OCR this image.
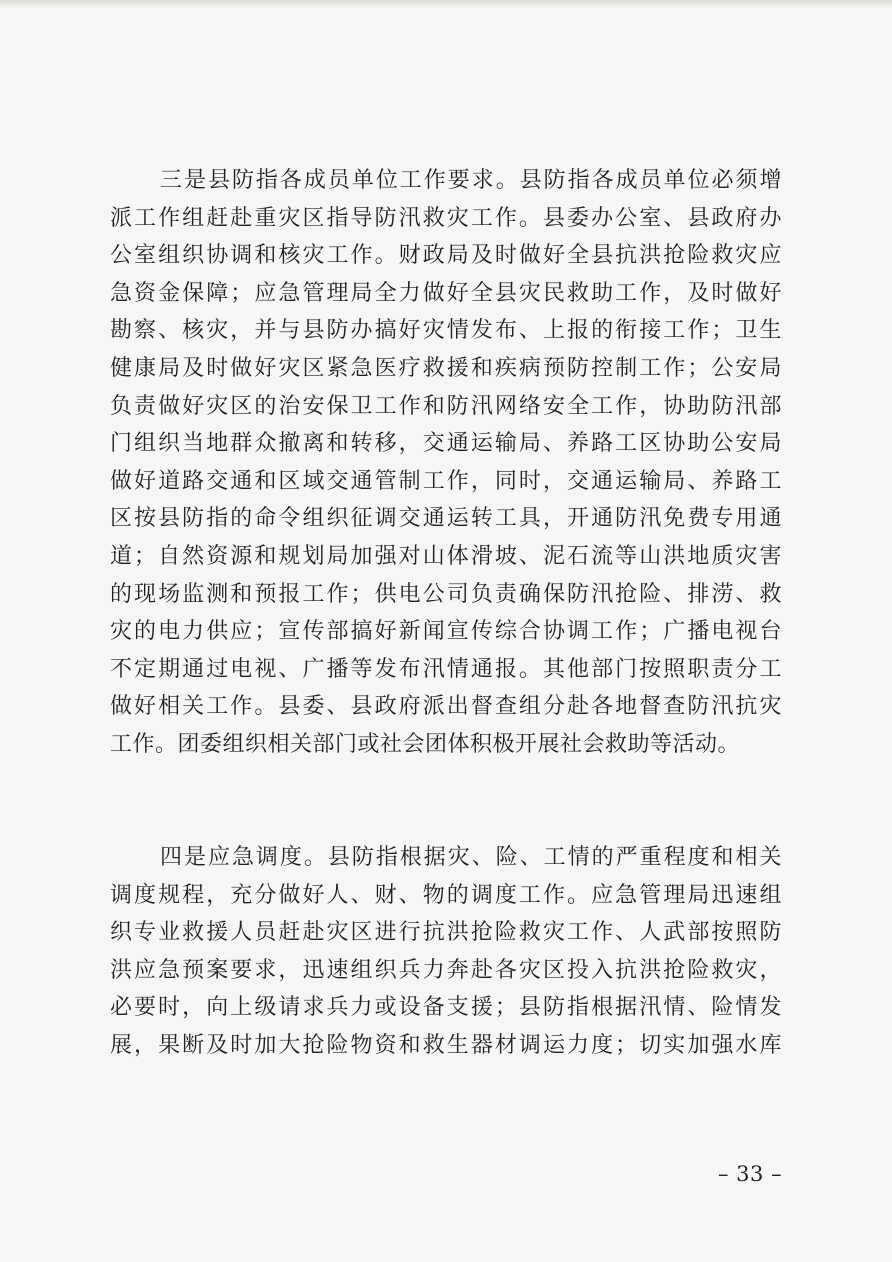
三是县防指各成员单位工作要求。县防指各成员单位必须增
派工作组赶赴重灾区指导防汛救灾工作。县委办公室、县政府办
公室组织协调和核灾工作。财政局及时做好全县抗洪抢险救灾应
急资金保障；应急管理局全力做好全县灾民救助工作，及时做好
勘察、核灾，并与县防办搞好灾情发布、上报的衔接工作；卫生
健康局及时做好灾区紧急医疗救援和疾病预防控制工作；公安局
负责做好灾区的治安保卫工作和防汛网络安全工作，协助防汛部
门组织当地群众撤离和转移，交通运输局、养路工区协助公安局
做好道路交通和区域交通管制工作，同时，交通运输局、养路工
区按县防指的命令组织征调交通运转工具，开通防汛免费专用通
道；自然资源和规划局加强对山体滑坡、泥石流等山洪地质灾害
的现场监测和预报工作；供电公司负责确保防汛抢险、排涝、救
灾的电力供应；宣传部搞好新闻宣传综合协调工作；广播电视台
不定期通过电视、广播等发布汛情通报。其他部门按照职责分工
做好相关工作。县委、县政府派出督查组分赴各地督查防汛抗灾
工作。团委组织相关部门或社会团体积极开展社会救助等活动。
四是应急调度。县防指根据灾、险、工情的严重程度和相关
调度规程，充分做好人、财、物的调度工作。应急管理局迅速组
织专业救援人员赶赴灾区进行抗洪抢险救灾工作、人武部按照防
洪应急预案要求，迅速组织兵力奔赴各灾区投入抗洪抢险救灾，
必要时，向上级请求兵力或设备支援；县防指根据汛情、险情发
展，果断及时加大抢险物资和救生器材调运力度；切实加强水库
– 33 –
